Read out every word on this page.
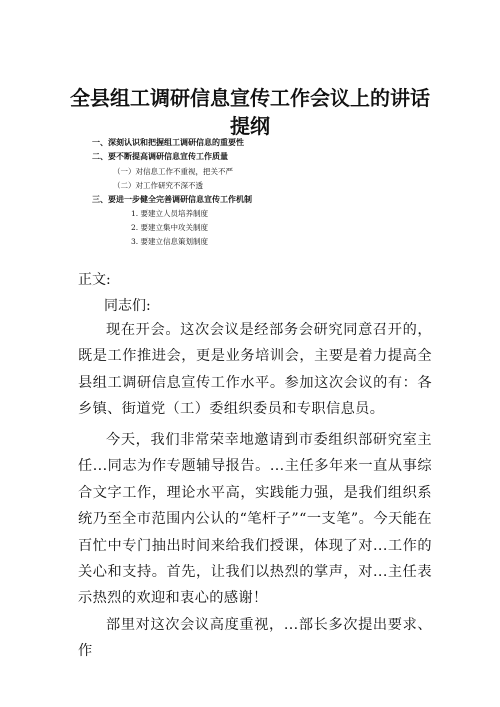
全县组工调研信息宣传工作会议上的讲话
提纲
一、深刻认识和把握组工调研信息的重要性
二、要不断提高调研信息宣传工作质量
（一）对信息工作不重视，把关不严
（二）对工作研究不深不透
三、要进一步健全完善调研信息宣传工作机制
1. 要建立人员培养制度
2. 要建立集中攻关制度
3. 要建立信息策划制度
正文:
同志们:

现在开会。这次会议是经部务会研究同意召开的，既是工作推进会，更是业务培训会，主要是着力提高全县组工调研信息宣传工作水平。参加这次会议的有：各乡镇、街道党（工）委组织委员和专职信息员。

今天，我们非常荣幸地邀请到市委组织部研究室主任...同志为作专题辅导报告。...主任多年来一直从事综合文字工作，理论水平高，实践能力强，是我们组织系统乃至全市范围内公认的“笔杆子”“一支笔”。今天能在百忙中专门抽出时间来给我们授课，体现了对...工作的关心和支持。首先，让我们以热烈的掌声，对...主任表示热烈的欢迎和衷心的感谢！

部里对这次会议高度重视，...部长多次提出要求、作
